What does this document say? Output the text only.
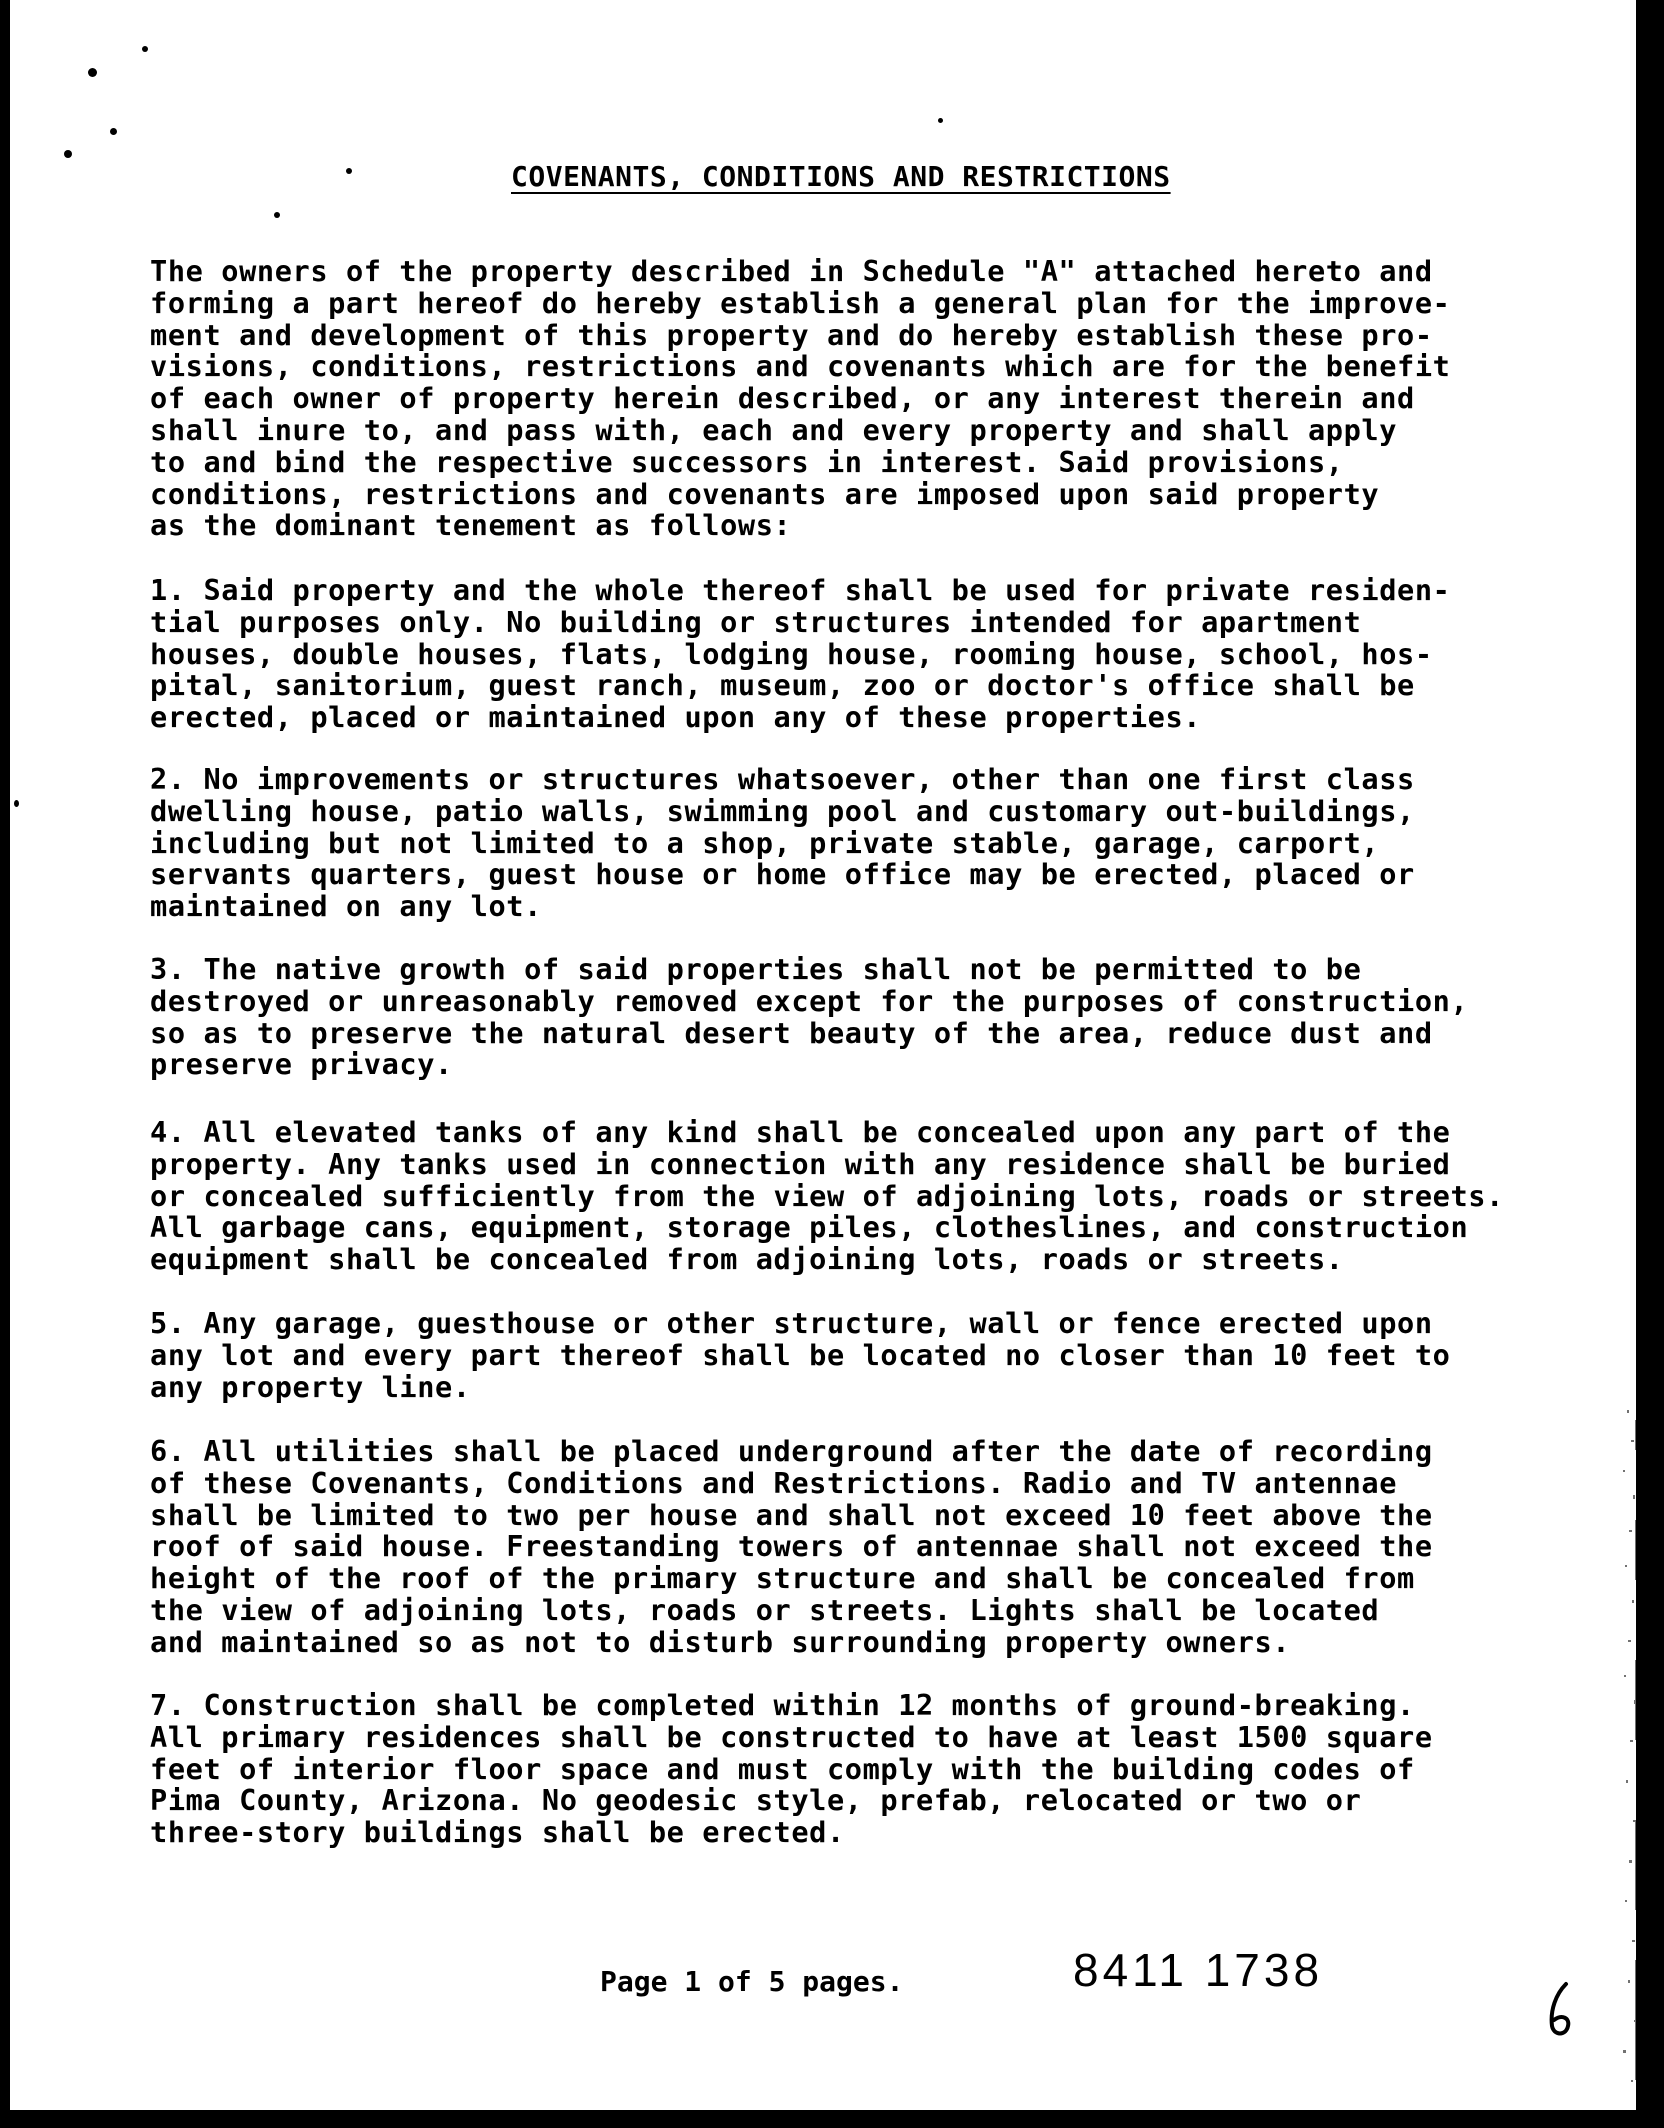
COVENANTS, CONDITIONS AND RESTRICTIONS
The owners of the property described in Schedule "A" attached hereto and
forming a part hereof do hereby establish a general plan for the improve-
ment and development of this property and do hereby establish these pro-
visions, conditions, restrictions and covenants which are for the benefit
of each owner of property herein described, or any interest therein and
shall inure to, and pass with, each and every property and shall apply
to and bind the respective successors in interest. Said provisions,
conditions, restrictions and covenants are imposed upon said property
as the dominant tenement as follows:
1. Said property and the whole thereof shall be used for private residen-
tial purposes only. No building or structures intended for apartment
houses, double houses, flats, lodging house, rooming house, school, hos-
pital, sanitorium, guest ranch, museum, zoo or doctor's office shall be
erected, placed or maintained upon any of these properties.
2. No improvements or structures whatsoever, other than one first class
dwelling house, patio walls, swimming pool and customary out-buildings,
including but not limited to a shop, private stable, garage, carport,
servants quarters, guest house or home office may be erected, placed or
maintained on any lot.
3. The native growth of said properties shall not be permitted to be
destroyed or unreasonably removed except for the purposes of construction,
so as to preserve the natural desert beauty of the area, reduce dust and
preserve privacy.
4. All elevated tanks of any kind shall be concealed upon any part of the
property. Any tanks used in connection with any residence shall be buried
or concealed sufficiently from the view of adjoining lots, roads or streets.
All garbage cans, equipment, storage piles, clotheslines, and construction
equipment shall be concealed from adjoining lots, roads or streets.
5. Any garage, guesthouse or other structure, wall or fence erected upon
any lot and every part thereof shall be located no closer than 10 feet to
any property line.
6. All utilities shall be placed underground after the date of recording
of these Covenants, Conditions and Restrictions. Radio and TV antennae
shall be limited to two per house and shall not exceed 10 feet above the
roof of said house. Freestanding towers of antennae shall not exceed the
height of the roof of the primary structure and shall be concealed from
the view of adjoining lots, roads or streets. Lights shall be located
and maintained so as not to disturb surrounding property owners.
7. Construction shall be completed within 12 months of ground-breaking.
All primary residences shall be constructed to have at least 1500 square
feet of interior floor space and must comply with the building codes of
Pima County, Arizona. No geodesic style, prefab, relocated or two or
three-story buildings shall be erected.
Page 1 of 5 pages.	8411 1738
